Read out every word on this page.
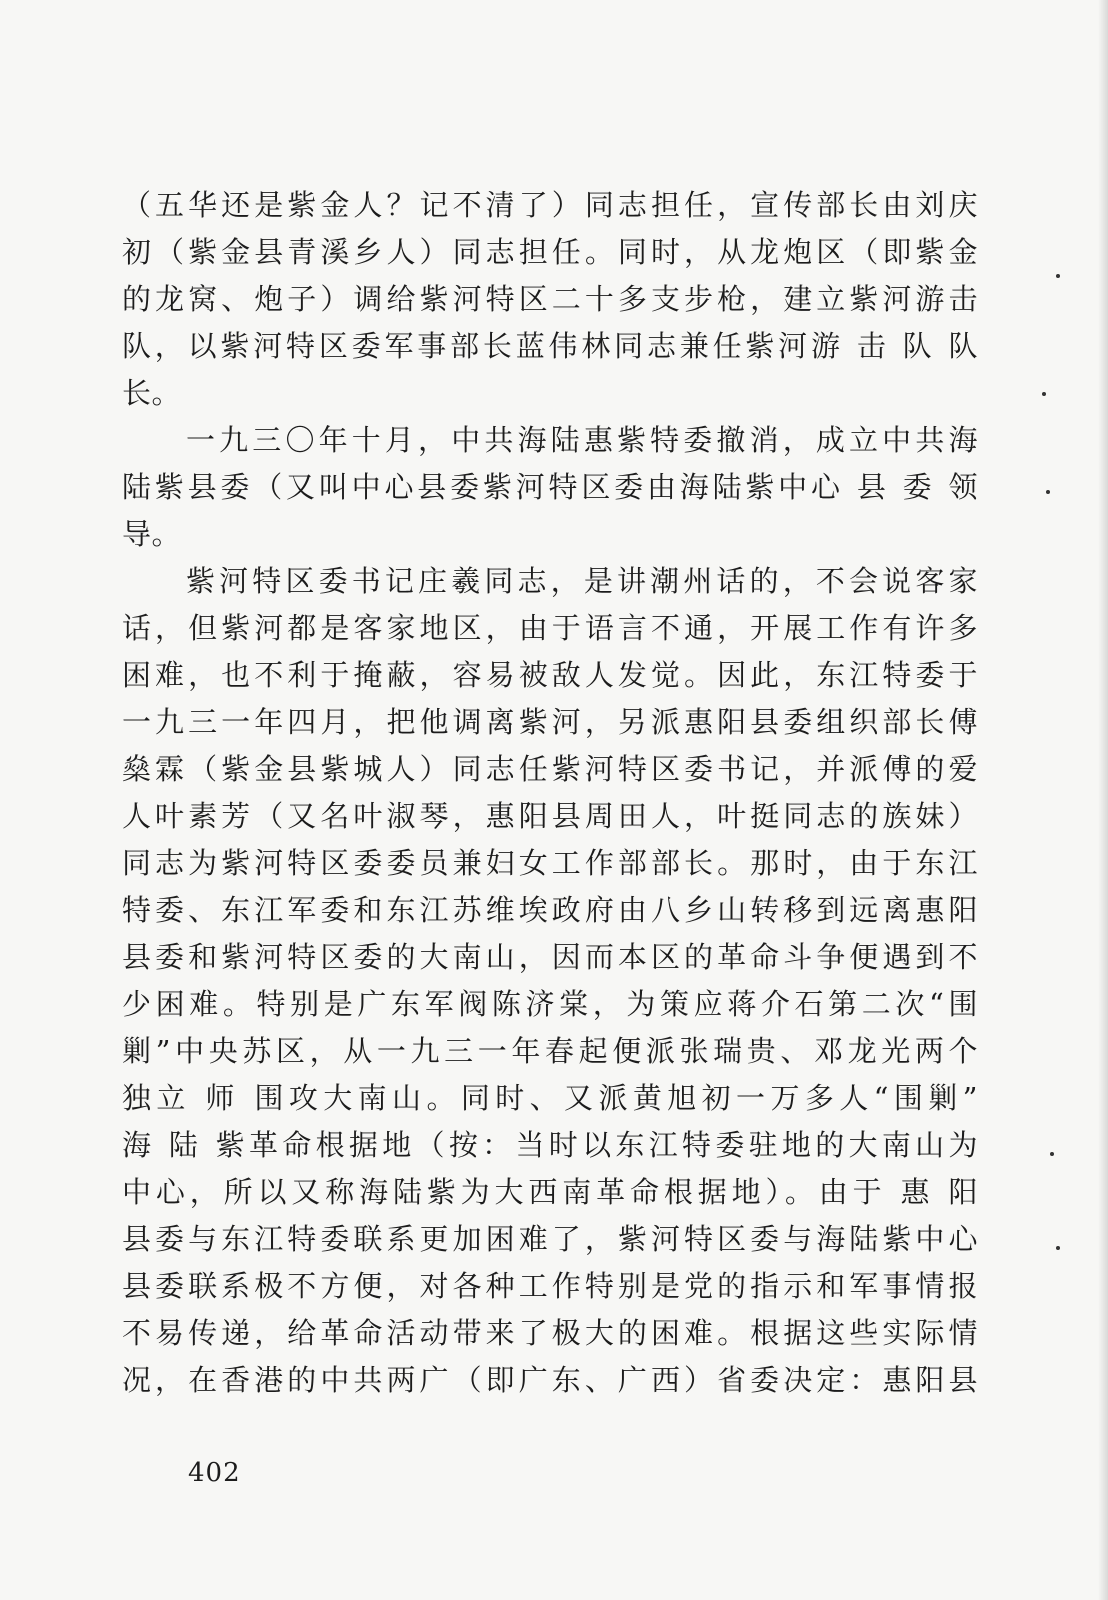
（五华还是紫金人？记不清了）同志担任，宣传部长由刘庆
初（紫金县青溪乡人）同志担任。同时，从龙炮区（即紫金
的龙窝、炮子）调给紫河特区二十多支步枪，建立紫河游击
队，以紫河特区委军事部长蓝伟林同志兼任紫河游 击 队 队
长。
一九三〇年十月，中共海陆惠紫特委撤消，成立中共海
陆紫县委（又叫中心县委紫河特区委由海陆紫中心 县 委 领
导。
紫河特区委书记庄羲同志，是讲潮州话的，不会说客家
话，但紫河都是客家地区，由于语言不通，开展工作有许多
困难，也不利于掩蔽，容易被敌人发觉。因此，东江特委于
一九三一年四月，把他调离紫河，另派惠阳县委组织部长傅
燊霖（紫金县紫城人）同志任紫河特区委书记，并派傅的爱
人叶素芳（又名叶淑琴，惠阳县周田人，叶挺同志的族妹）
同志为紫河特区委委员兼妇女工作部部长。那时，由于东江
特委、东江军委和东江苏维埃政府由八乡山转移到远离惠阳
县委和紫河特区委的大南山，因而本区的革命斗争便遇到不
少困难。特别是广东军阀陈济棠，为策应蒋介石第二次“围
剿”中央苏区，从一九三一年春起便派张瑞贵、邓龙光两个
独立 师 围攻大南山。同时、又派黄旭初一万多人“围剿”
海 陆 紫革命根据地（按：当时以东江特委驻地的大南山为
中心，所以又称海陆紫为大西南革命根据地）。由于 惠 阳
县委与东江特委联系更加困难了，紫河特区委与海陆紫中心
县委联系极不方便，对各种工作特别是党的指示和军事情报
不易传递，给革命活动带来了极大的困难。根据这些实际情
况，在香港的中共两广（即广东、广西）省委决定：惠阳县
402
